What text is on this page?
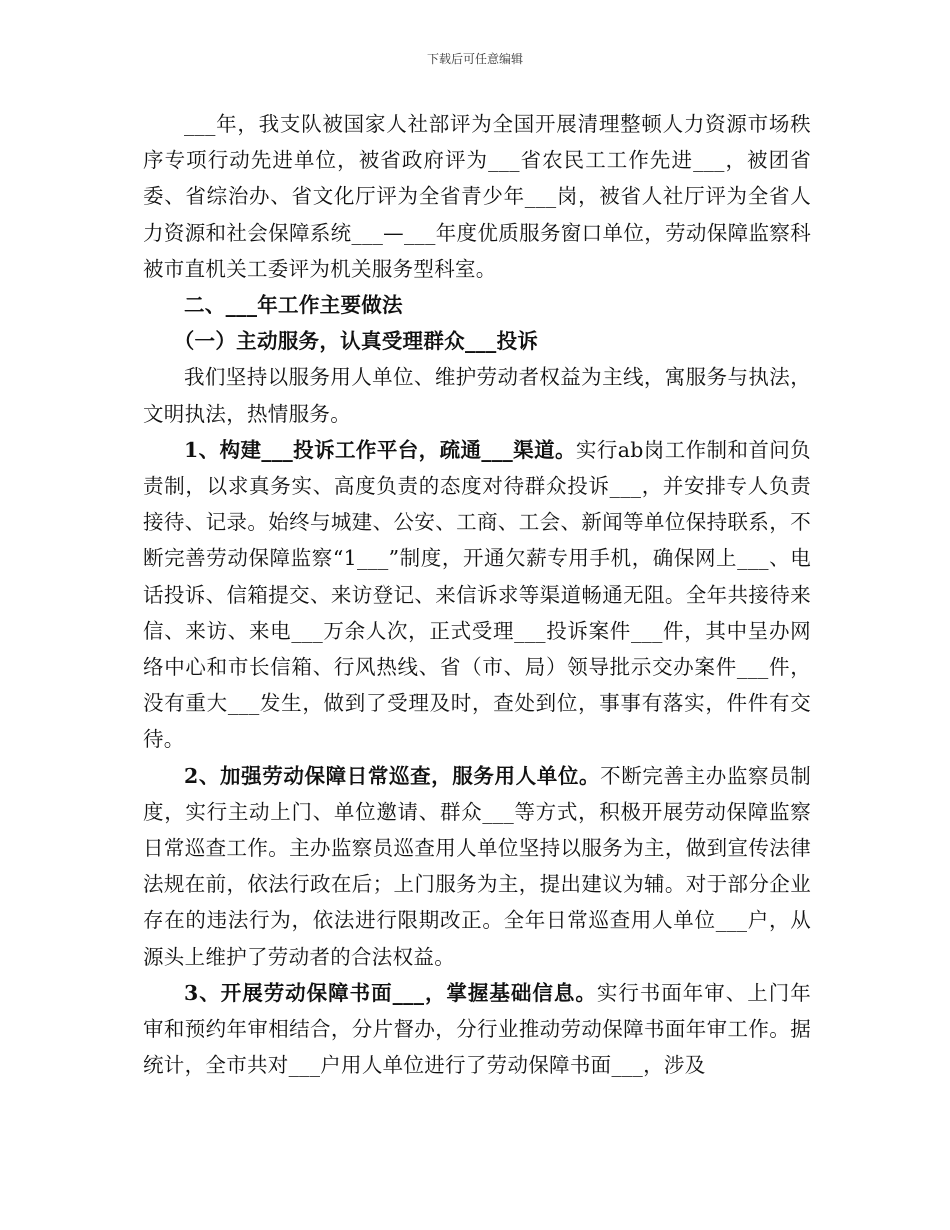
下载后可任意编辑

___年，我支队被国家人社部评为全国开展清理整顿人力资源市场秩序专项行动先进单位，被省政府评为___省农民工工作先进___，被团省委、省综治办、省文化厅评为全省青少年___岗，被省人社厅评为全省人力资源和社会保障系统___—___年度优质服务窗口单位，劳动保障监察科被市直机关工委评为机关服务型科室。

二、___年工作主要做法

（一）主动服务，认真受理群众___投诉

我们坚持以服务用人单位、维护劳动者权益为主线，寓服务与执法，文明执法，热情服务。

1、构建___投诉工作平台，疏通___渠道。实行ab岗工作制和首问负责制，以求真务实、高度负责的态度对待群众投诉___，并安排专人负责接待、记录。始终与城建、公安、工商、工会、新闻等单位保持联系，不断完善劳动保障监察“1___”制度，开通欠薪专用手机，确保网上___、电话投诉、信箱提交、来访登记、来信诉求等渠道畅通无阻。全年共接待来信、来访、来电___万余人次，正式受理___投诉案件___件，其中呈办网络中心和市长信箱、行风热线、省（市、局）领导批示交办案件___件，没有重大___发生，做到了受理及时，查处到位，事事有落实，件件有交待。

2、加强劳动保障日常巡查，服务用人单位。不断完善主办监察员制度，实行主动上门、单位邀请、群众___等方式，积极开展劳动保障监察日常巡查工作。主办监察员巡查用人单位坚持以服务为主，做到宣传法律法规在前，依法行政在后；上门服务为主，提出建议为辅。对于部分企业存在的违法行为，依法进行限期改正。全年日常巡查用人单位___户，从源头上维护了劳动者的合法权益。

3、开展劳动保障书面___，掌握基础信息。实行书面年审、上门年审和预约年审相结合，分片督办，分行业推动劳动保障书面年审工作。据统计，全市共对___户用人单位进行了劳动保障书面___，涉及
